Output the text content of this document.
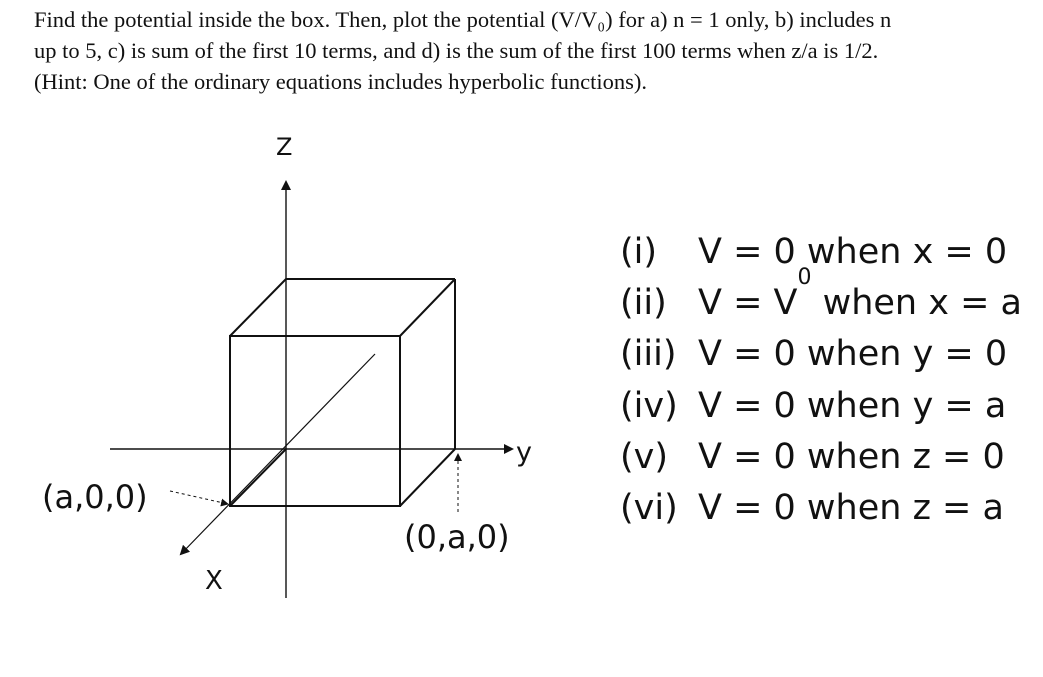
Find the potential inside the box. Then, plot the potential (V/V₀) for a) n = 1 only, b) includes n
up to 5, c) is sum of the first 10 terms, and d) is the sum of the first 100 terms when z/a is 1/2.
(Hint: One of the ordinary equations includes hyperbolic functions).
Z
y
X
(a,0,0)
(0,a,0)
(i)	V = 0 when x = 0
(ii) V = V
0
when x = a
(iii) V = 0 when y = 0
(iv) V = 0 when y = a
(v) V = 0 when z = 0
(vi) V = 0 when z = a
